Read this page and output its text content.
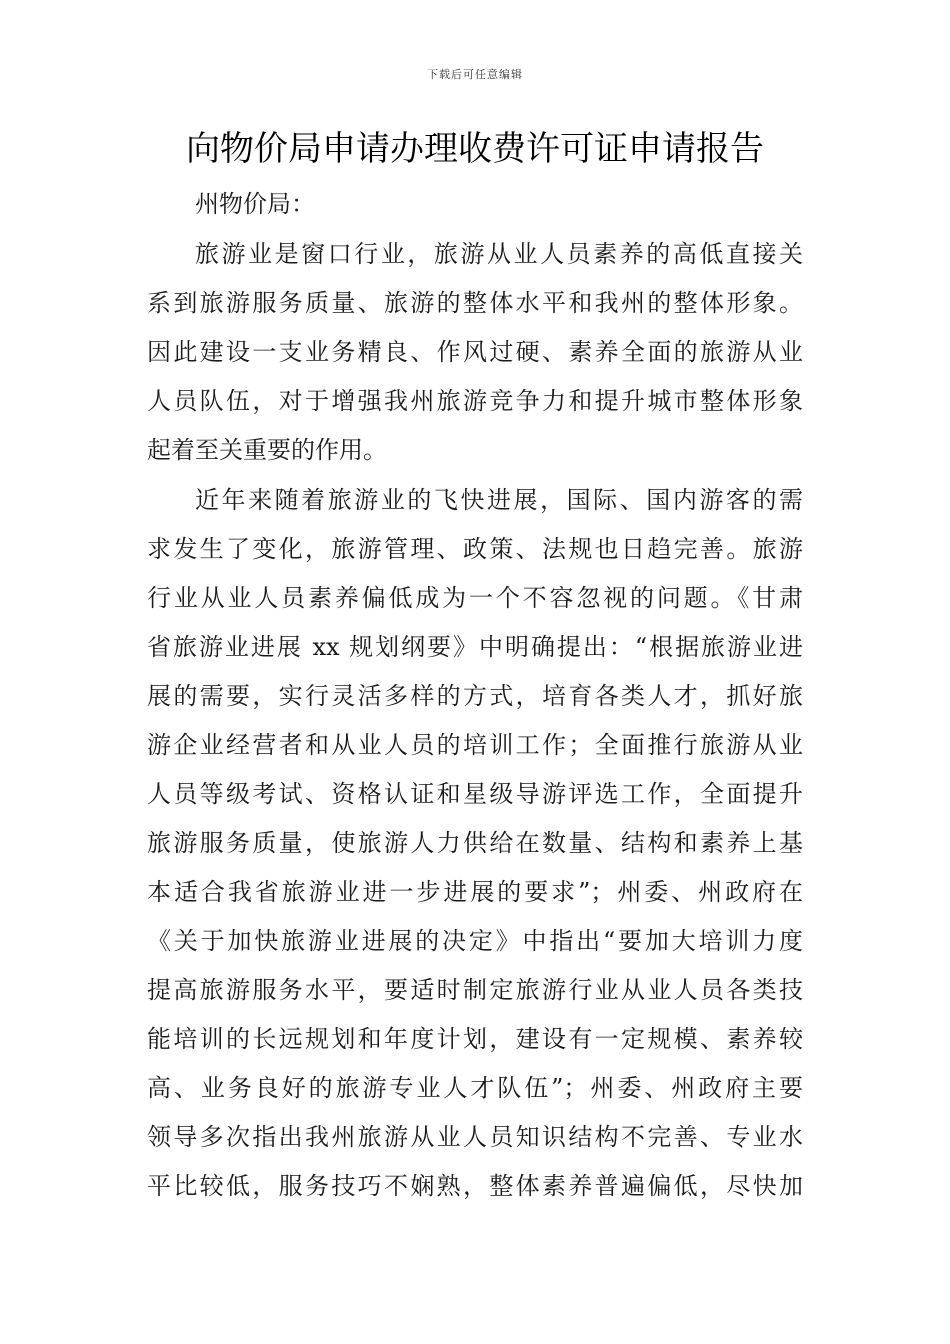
下载后可任意编辑
向物价局申请办理收费许可证申请报告
州物价局：
旅游业是窗口行业，旅游从业人员素养的高低直接关
系到旅游服务质量、旅游的整体水平和我州的整体形象。
因此建设一支业务精良、作风过硬、素养全面的旅游从业
人员队伍，对于增强我州旅游竞争力和提升城市整体形象
起着至关重要的作用。
近年来随着旅游业的飞快进展，国际、国内游客的需
求发生了变化，旅游管理、政策、法规也日趋完善。旅游
行业从业人员素养偏低成为一个不容忽视的问题。《甘肃
省旅游业进展 xx 规划纲要》中明确提出：“根据旅游业进
展的需要，实行灵活多样的方式，培育各类人才，抓好旅
游企业经营者和从业人员的培训工作；全面推行旅游从业
人员等级考试、资格认证和星级导游评选工作，全面提升
旅游服务质量，使旅游人力供给在数量、结构和素养上基
本适合我省旅游业进一步进展的要求”；州委、州政府在
《关于加快旅游业进展的决定》中指出“要加大培训力度
提高旅游服务水平，要适时制定旅游行业从业人员各类技
能培训的长远规划和年度计划，建设有一定规模、素养较
高、业务良好的旅游专业人才队伍”；州委、州政府主要
领导多次指出我州旅游从业人员知识结构不完善、专业水
平比较低，服务技巧不娴熟，整体素养普遍偏低，尽快加
